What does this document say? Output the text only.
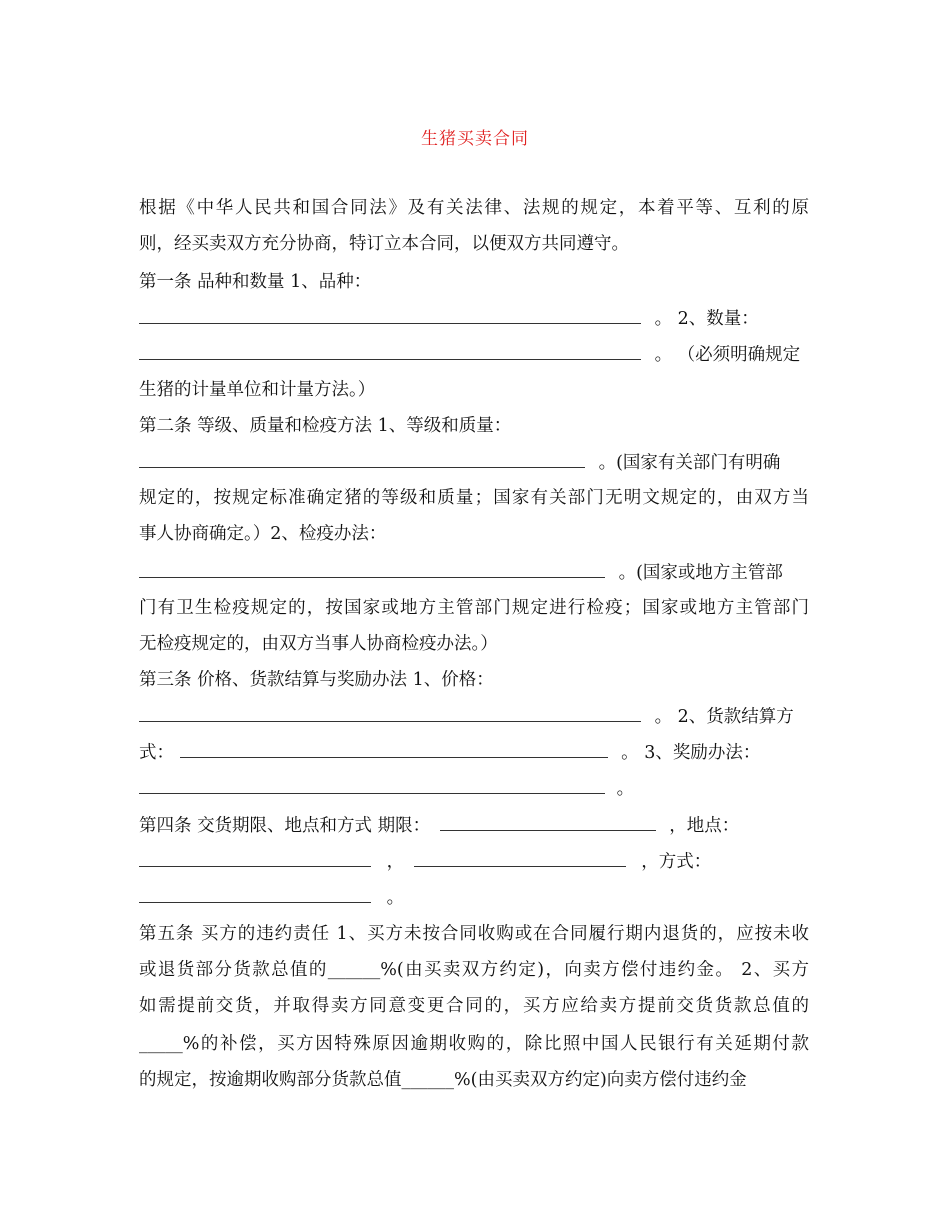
生猪买卖合同
根据《中华人民共和国合同法》及有关法律、法规的规定，本着平等、互利的原
则，经买卖双方充分协商，特订立本合同，以便双方共同遵守。
第一条 品种和数量 1、品种：
。 2、数量：
。 （必须明确规定
生猪的计量单位和计量方法。）
第二条 等级、质量和检疫方法 1、等级和质量：
。(国家有关部门有明确
规定的，按规定标准确定猪的等级和质量；国家有关部门无明文规定的，由双方当
事人协商确定。）2、检疫办法：
。(国家或地方主管部
门有卫生检疫规定的，按国家或地方主管部门规定进行检疫；国家或地方主管部门
无检疫规定的，由双方当事人协商检疫办法。）
第三条 价格、货款结算与奖励办法 1、价格：
。 2、货款结算方
式：	。 3、奖励办法：
。
第四条 交货期限、地点和方式 期限：	，地点：
，	，方式：
。
第五条 买方的违约责任 1、买方未按合同收购或在合同履行期内退货的，应按未收
或退货部分货款总值的______%(由买卖双方约定)，向卖方偿付违约金。 2、买方
如需提前交货，并取得卖方同意变更合同的，买方应给卖方提前交货货款总值的
_____%的补偿，买方因特殊原因逾期收购的，除比照中国人民银行有关延期付款
的规定，按逾期收购部分货款总值______%(由买卖双方约定)向卖方偿付违约金
